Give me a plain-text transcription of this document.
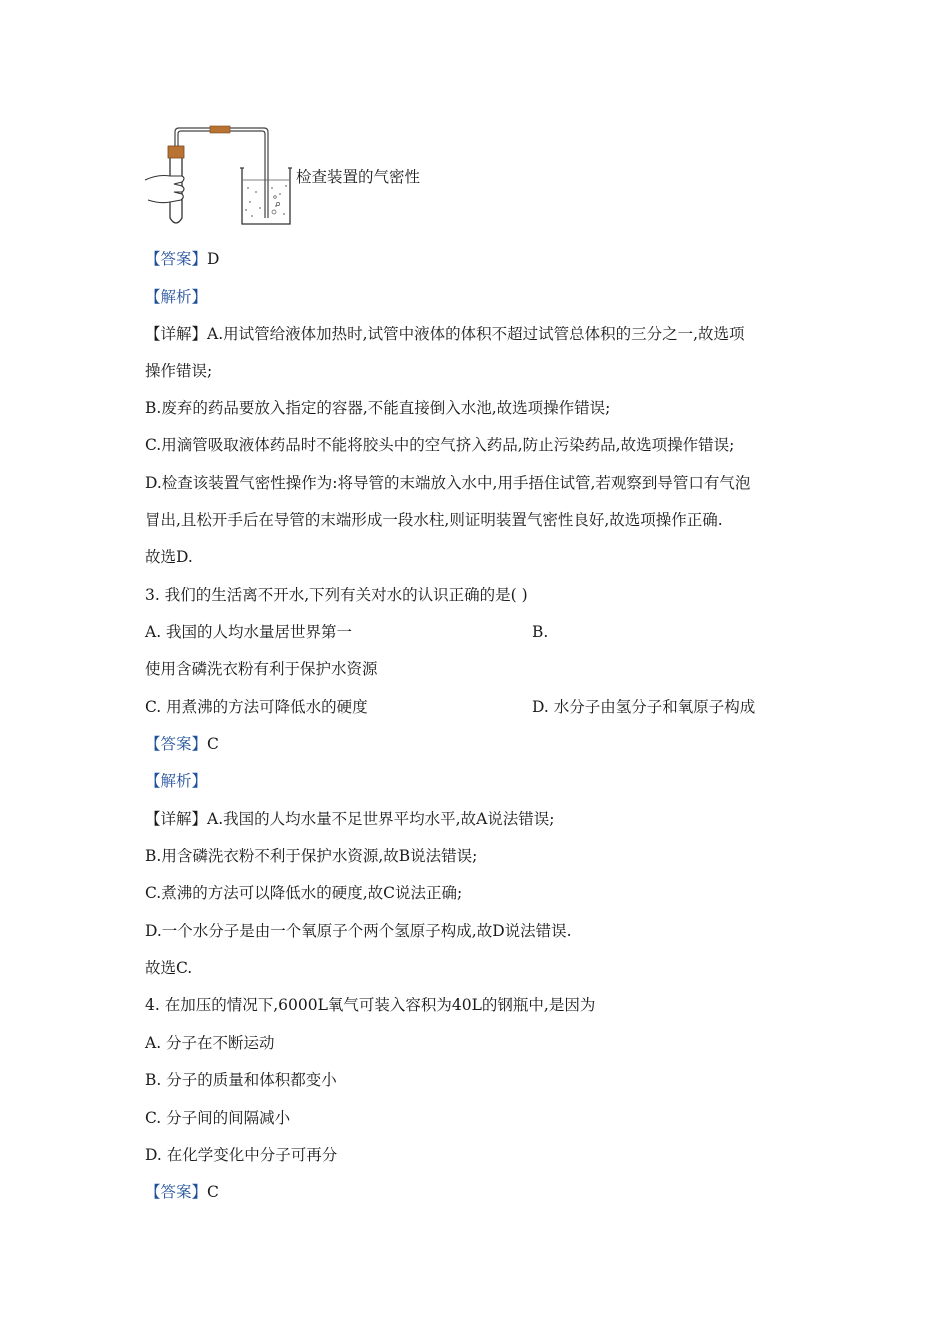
检查装置的气密性
【答案】D
【解析】
【详解】A.用试管给液体加热时,试管中液体的体积不超过试管总体积的三分之一,故选项
操作错误;
B.废弃的药品要放入指定的容器,不能直接倒入水池,故选项操作错误;
C.用滴管吸取液体药品时不能将胶头中的空气挤入药品,防止污染药品,故选项操作错误;
D.检查该装置气密性操作为:将导管的末端放入水中,用手捂住试管,若观察到导管口有气泡
冒出,且松开手后在导管的末端形成一段水柱,则证明装置气密性良好,故选项操作正确.
故选D.
3. 我们的生活离不开水,下列有关对水的认识正确的是( )
A. 我国的人均水量居世界第一	B.
使用含磷洗衣粉有利于保护水资源
C. 用煮沸的方法可降低水的硬度	D. 水分子由氢分子和氧原子构成
【答案】C
【解析】
【详解】A.我国的人均水量不足世界平均水平,故A说法错误;
B.用含磷洗衣粉不利于保护水资源,故B说法错误;
C.煮沸的方法可以降低水的硬度,故C说法正确;
D.一个水分子是由一个氧原子个两个氢原子构成,故D说法错误.
故选C.
4. 在加压的情况下,6000L氧气可装入容积为40L的钢瓶中,是因为
A. 分子在不断运动
B. 分子的质量和体积都变小
C. 分子间的间隔减小
D. 在化学变化中分子可再分
【答案】C
